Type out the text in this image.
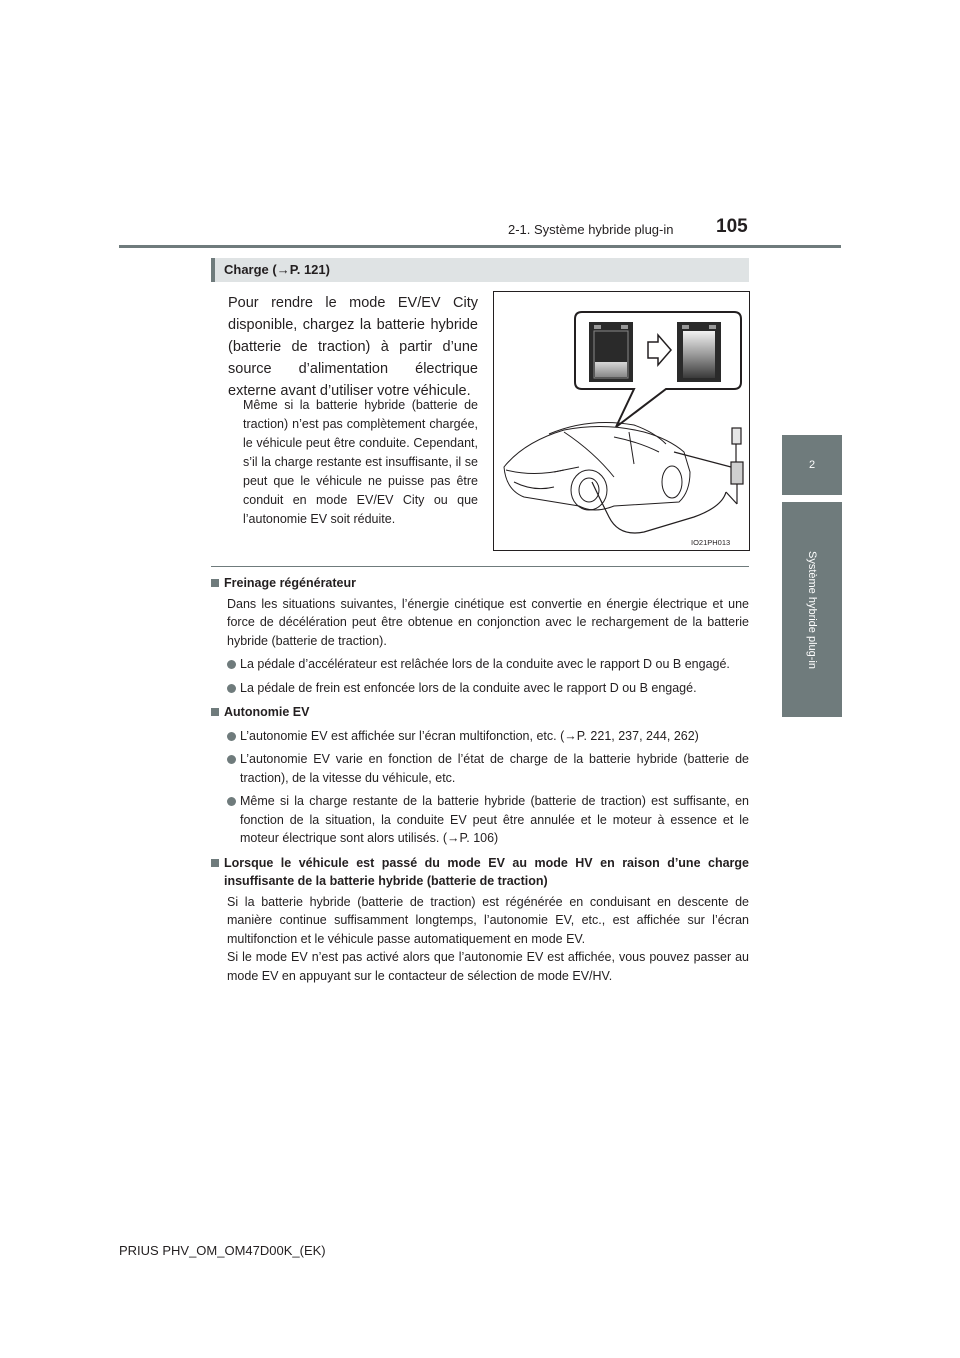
2-1. Système hybride plug-in 105
2
Système hybride plug-in
Charge (→P. 121)
Pour rendre le mode EV/EV City disponible, chargez la batterie hybride (batterie de traction) à partir d’une source d’alimentation électrique externe avant d’utiliser votre véhicule.
Même si la batterie hybride (batterie de traction) n’est pas complètement chargée, le véhicule peut être conduite. Cependant, s’il la charge restante est insuffisante, il se peut que le véhicule ne puisse pas être conduit en mode EV/EV City ou que l’autonomie EV soit réduite.
IO21PH013

Freinage régénérateur

Dans les situations suivantes, l’énergie cinétique est convertie en énergie électrique et une force de décélération peut être obtenue en conjonction avec le rechargement de la batterie hybride (batterie de traction).

La pédale d’accélérateur est relâchée lors de la conduite avec le rapport D ou B engagé.
La pédale de frein est enfoncée lors de la conduite avec le rapport D ou B engagé.

Autonomie EV

L’autonomie EV est affichée sur l’écran multifonction, etc. (→P. 221, 237, 244, 262)
L’autonomie EV varie en fonction de l’état de charge de la batterie hybride (batterie de traction), de la vitesse du véhicule, etc.
Même si la charge restante de la batterie hybride (batterie de traction) est suffisante, en fonction de la situation, la conduite EV peut être annulée et le moteur à essence et le moteur électrique sont alors utilisés. (→P. 106)

Lorsque le véhicule est passé du mode EV au mode HV en raison d’une charge insuffisante de la batterie hybride (batterie de traction)

Si la batterie hybride (batterie de traction) est régénérée en conduisant en descente de manière continue suffisamment longtemps, l’autonomie EV, etc., est affichée sur l’écran multifonction et le véhicule passe automatiquement en mode EV.

Si le mode EV n’est pas activé alors que l’autonomie EV est affichée, vous pouvez passer au mode EV en appuyant sur le contacteur de sélection de mode EV/HV.

PRIUS PHV_OM_OM47D00K_(EK)
